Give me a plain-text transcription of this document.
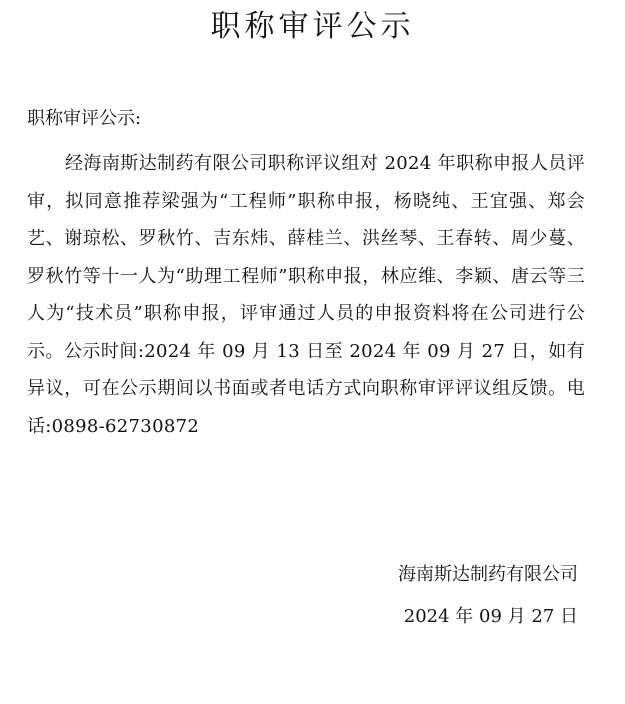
职称审评公示

职称审评公示:

经海南斯达制药有限公司职称评议组对 2024 年职称申报人员评审，拟同意推荐梁强为“工程师”职称申报，杨晓纯、王宜强、郑会艺、谢琼松、罗秋竹、吉东炜、薛桂兰、洪丝琴、王春转、周少蔓、罗秋竹等十一人为“助理工程师”职称申报，林应维、李颖、唐云等三人为“技术员”职称申报，评审通过人员的申报资料将在公司进行公示。公示时间:2024 年 09 月 13 日至 2024 年 09 月 27 日，如有异议，可在公示期间以书面或者电话方式向职称审评评议组反馈。电话:0898-62730872

海南斯达制药有限公司
2024 年 09 月 27 日
